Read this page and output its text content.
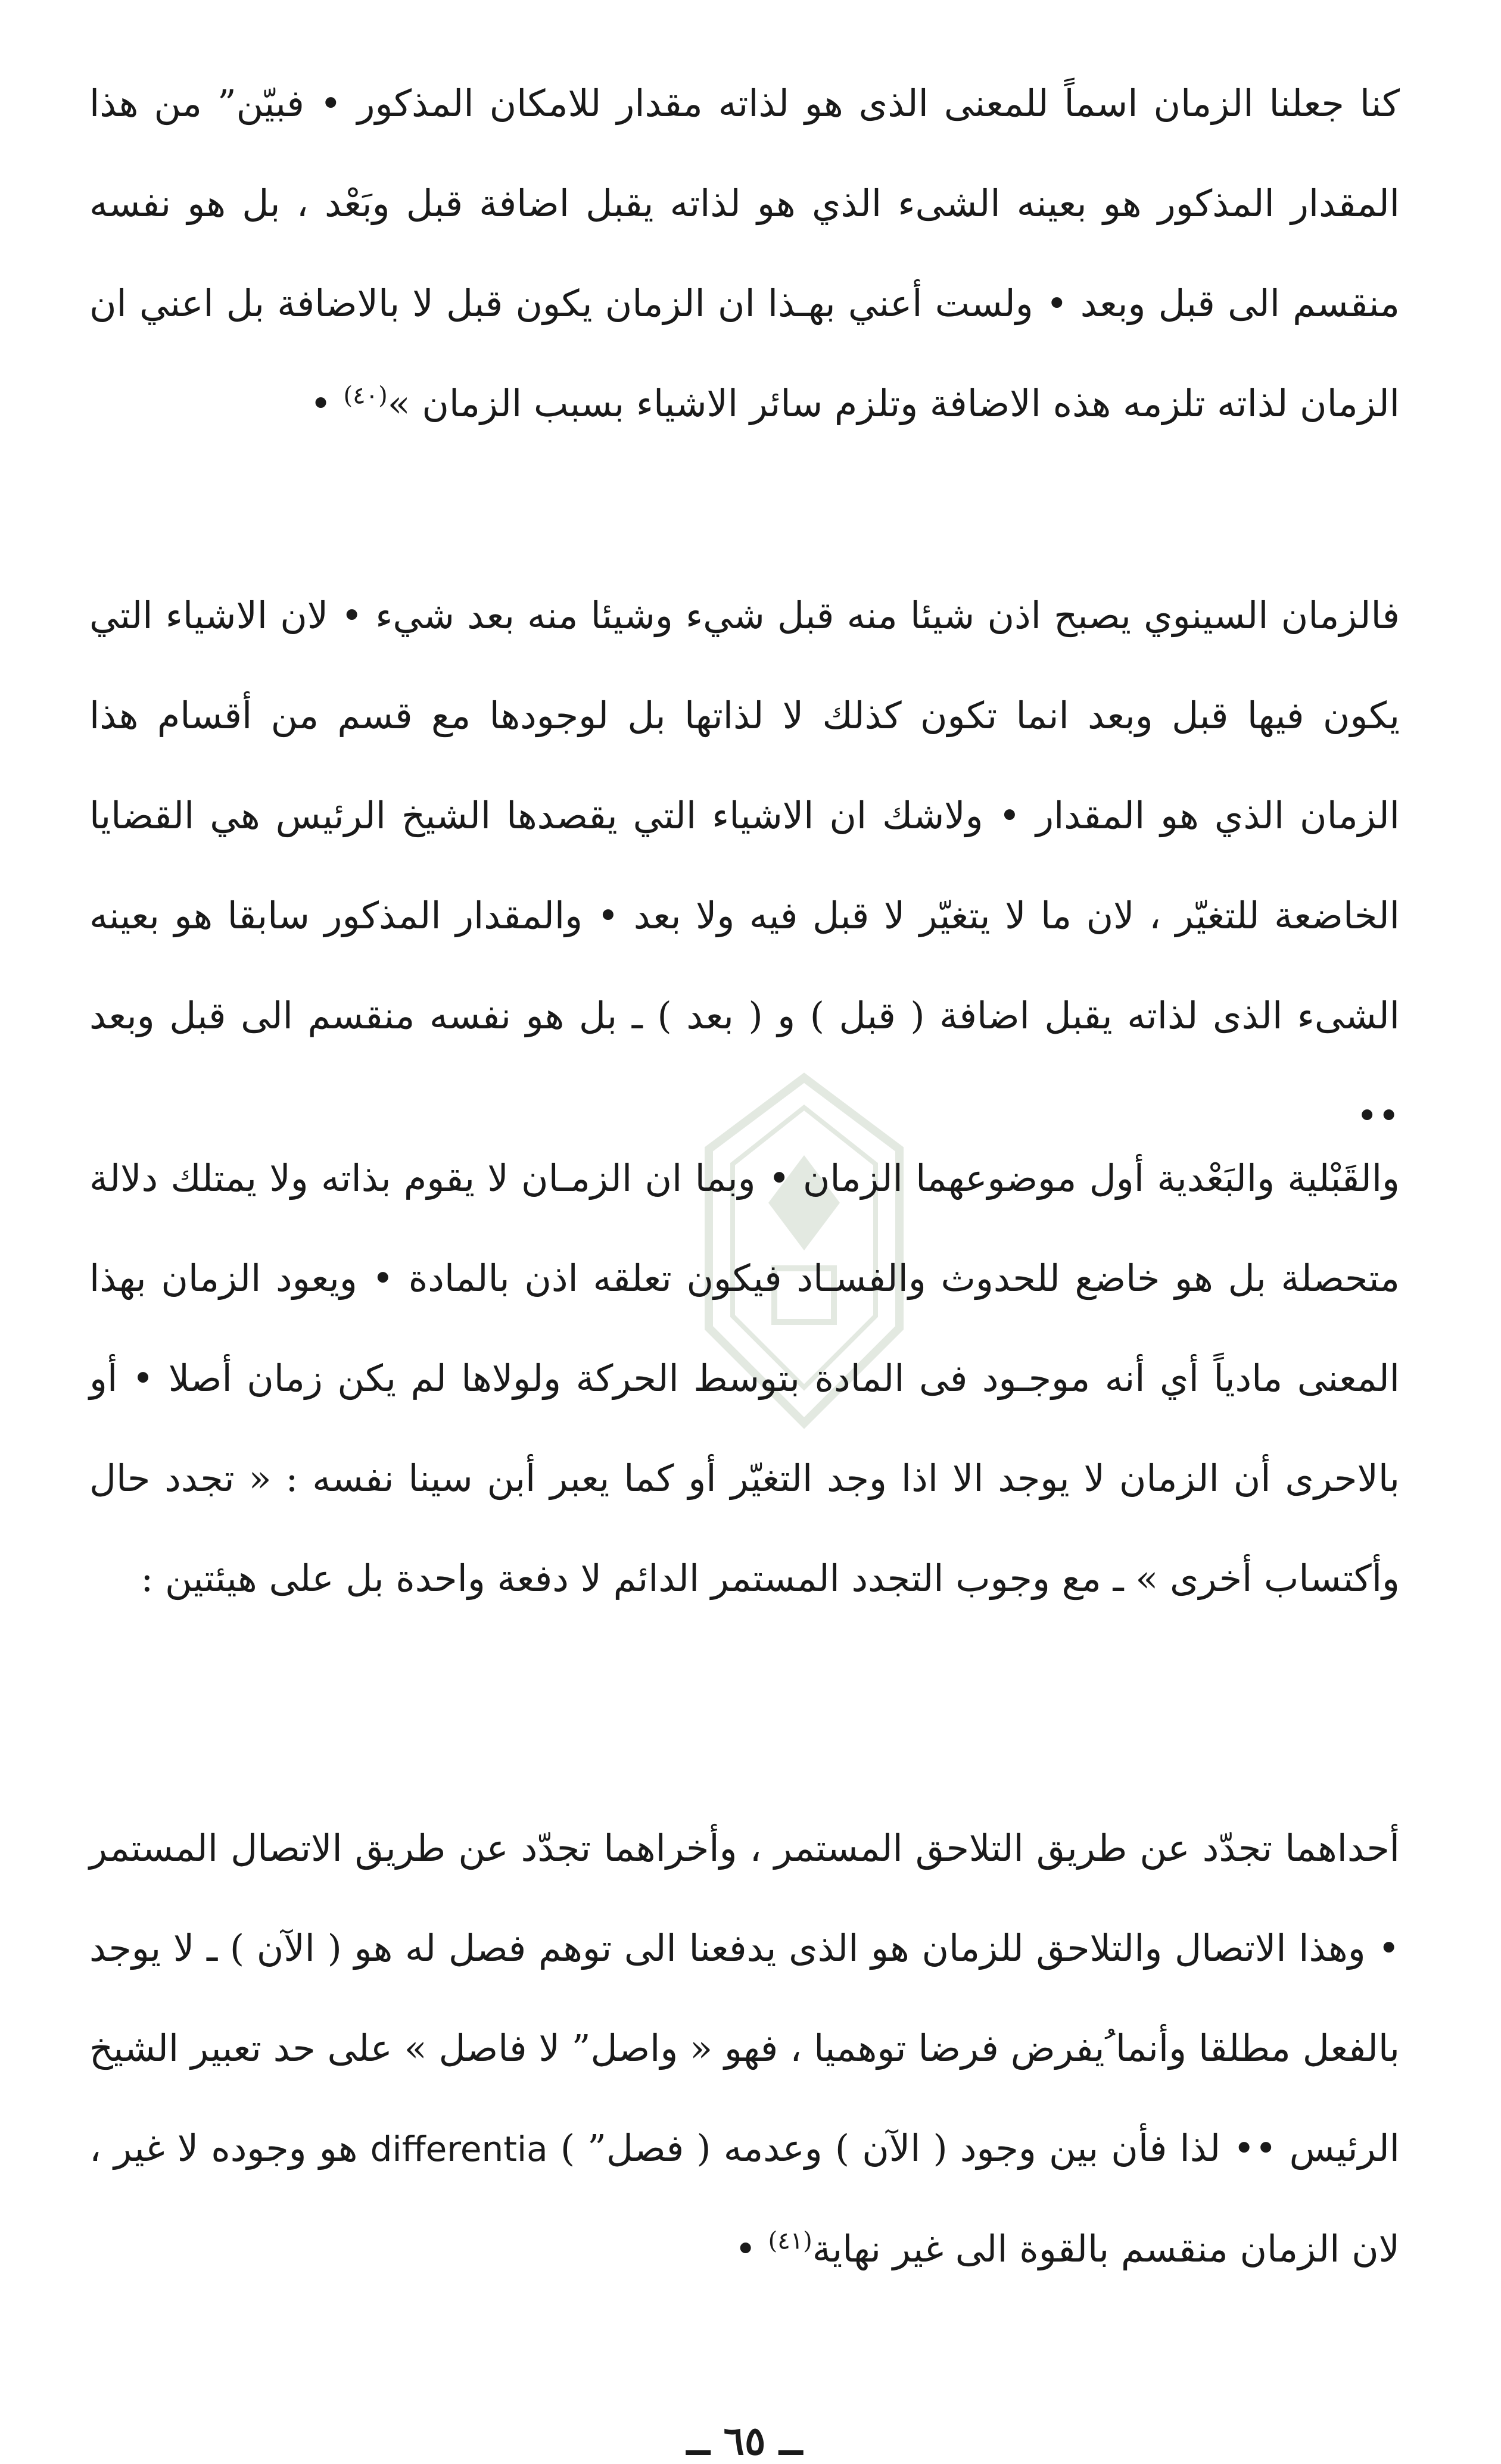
كنا جعلنا الزمان اسماً للمعنى الذى هو لذاته مقدار للامكان المذكور • فبيّن” من هذا المقدار المذكور هو بعينه الشىء الذي هو لذاته يقبل اضافة قبل وبَعْد ، بل هو نفسه منقسم الى قبل وبعد • ولست أعني بهـذا ان الزمان يكون قبل لا بالاضافة بل اعني ان الزمان لذاته تلزمه هذه الاضافة وتلزم سائر الاشياء بسبب الزمان »$^{(٤٠)}$ •

فالزمان السينوي يصبح اذن شيئا منه قبل شيء وشيئا منه بعد شيء • لان الاشياء التي يكون فيها قبل وبعد انما تكون كذلك لا لذاتها بل لوجودها مع قسم من أقسام هذا الزمان الذي هو المقدار • ولاشك ان الاشياء التي يقصدها الشيخ الرئيس هي القضايا الخاضعة للتغيّر ، لان ما لا يتغيّر لا قبل فيه ولا بعد • والمقدار المذكور سابقا هو بعينه الشىء الذى لذاته يقبل اضافة ( قبل ) و ( بعد ) ـ بل هو نفسه منقسم الى قبل وبعد ••

والقَبْلية والبَعْدية أول موضوعهما الزمان • وبما ان الزمـان لا يقوم بذاته ولا يمتلك دلالة متحصلة بل هو خاضع للحدوث والفسـاد فيكون تعلقه اذن بالمادة • ويعود الزمان بهذا المعنى مادياً أي أنه موجـود فى المادة بتوسط الحركة ولولاها لم يكن زمان أصلا • أو بالاحرى أن الزمان لا يوجد الا اذا وجد التغيّر أو كما يعبر أبن سينا نفسه : « تجدد حال وأكتساب أخرى » ـ مع وجوب التجدد المستمر الدائم لا دفعة واحدة بل على هيئتين :

أحداهما تجدّد عن طريق التلاحق المستمر ، وأخراهما تجدّد عن طريق الاتصال المستمر • وهذا الاتصال والتلاحق للزمان هو الذى يدفعنا الى توهم فصل له هو ( الآن ) ـ لا يوجد بالفعل مطلقا وأنما ُيفرض فرضا توهميا ، فهو « واصل” لا فاصل » على حد تعبير الشيخ الرئيس •• لذا فأن بين وجود ( الآن ) وعدمه ( فصل” ) differentia هو وجوده لا غير ، لان الزمان منقسم بالقوة الى غير نهاية$^{(٤١)}$ •

ــ ٦٥ ــ
